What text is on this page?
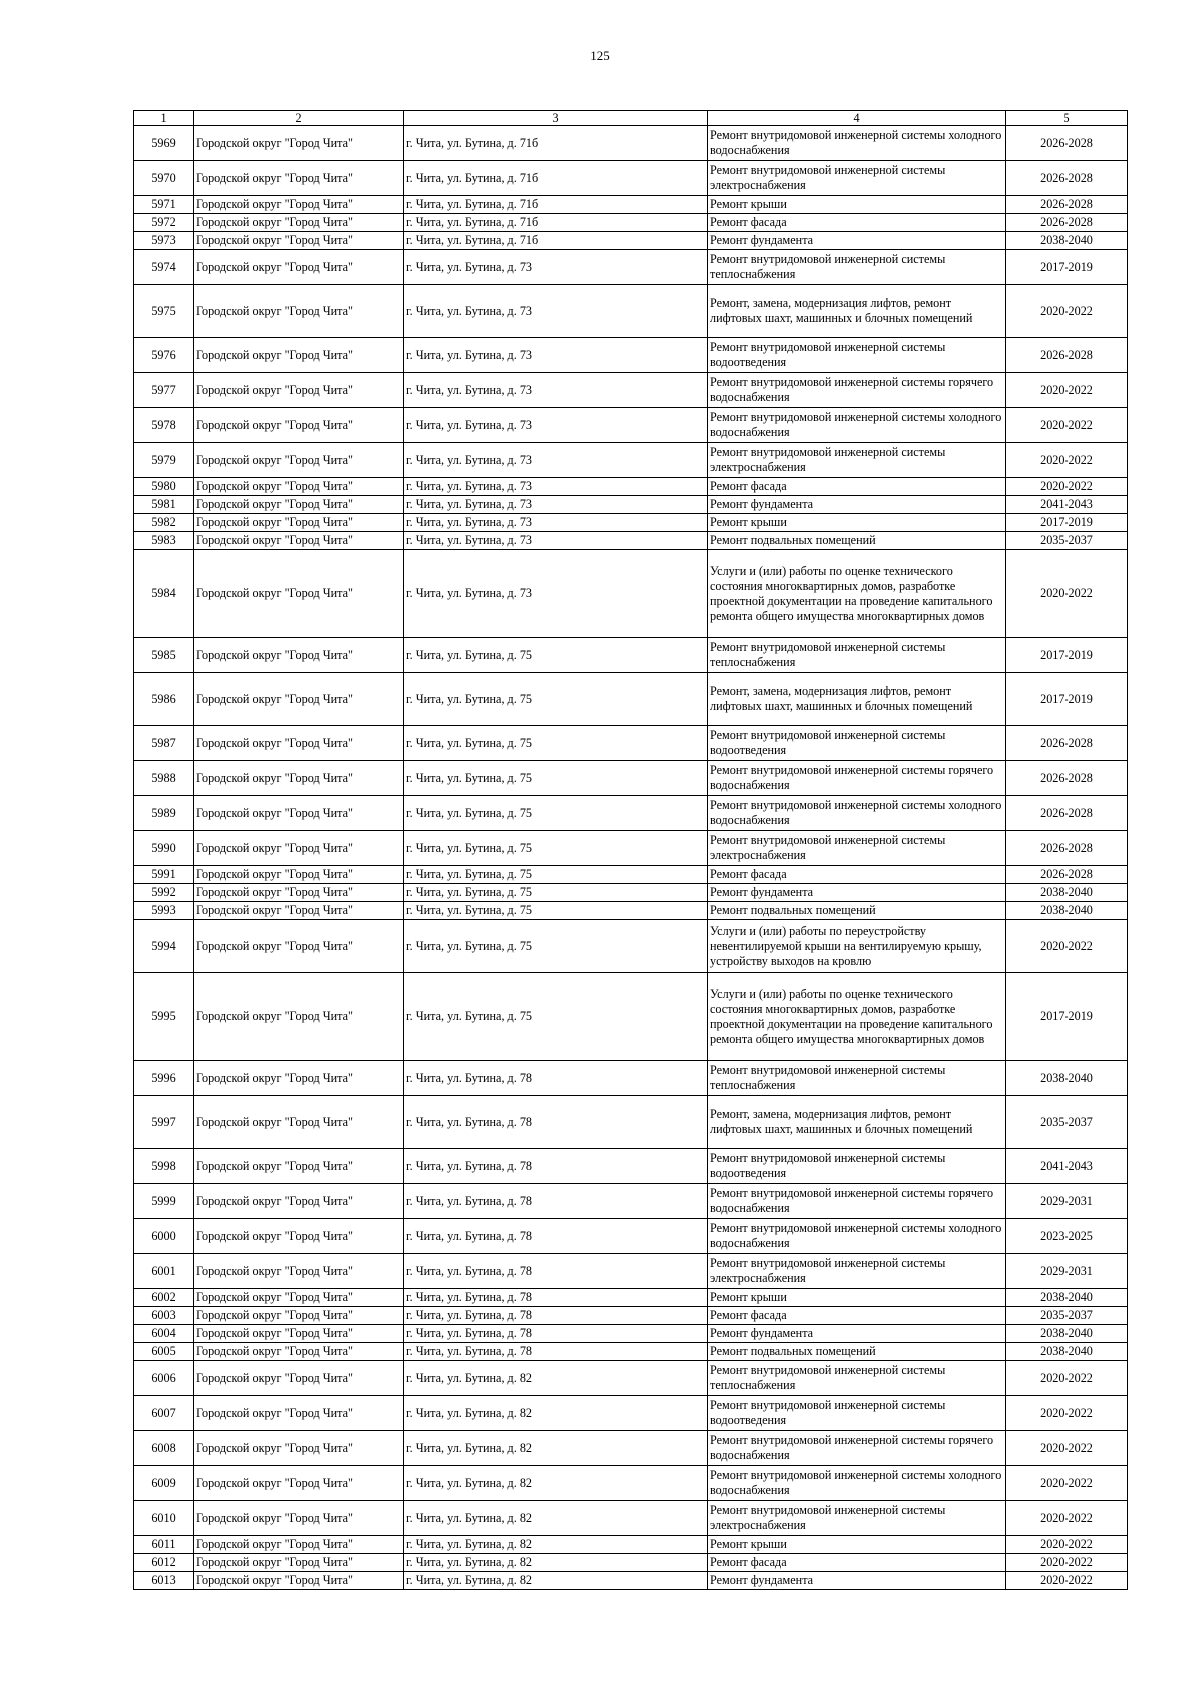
125
1	2	3	4	5
5969	Городской округ "Город Чита"	г. Чита, ул. Бутина, д. 71б	Ремонт внутридомовой инженерной системы холодного водоснабжения	2026-2028
5970	Городской округ "Город Чита"	г. Чита, ул. Бутина, д. 71б	Ремонт внутридомовой инженерной системы электроснабжения	2026-2028
5971	Городской округ "Город Чита"	г. Чита, ул. Бутина, д. 71б	Ремонт крыши	2026-2028
5972	Городской округ "Город Чита"	г. Чита, ул. Бутина, д. 71б	Ремонт фасада	2026-2028
5973	Городской округ "Город Чита"	г. Чита, ул. Бутина, д. 71б	Ремонт фундамента	2038-2040
5974	Городской округ "Город Чита"	г. Чита, ул. Бутина, д. 73	Ремонт внутридомовой инженерной системы теплоснабжения	2017-2019
5975	Городской округ "Город Чита"	г. Чита, ул. Бутина, д. 73	Ремонт, замена, модернизация лифтов, ремонт лифтовых шахт, машинных и блочных помещений	2020-2022
5976	Городской округ "Город Чита"	г. Чита, ул. Бутина, д. 73	Ремонт внутридомовой инженерной системы водоотведения	2026-2028
5977	Городской округ "Город Чита"	г. Чита, ул. Бутина, д. 73	Ремонт внутридомовой инженерной системы горячего водоснабжения	2020-2022
5978	Городской округ "Город Чита"	г. Чита, ул. Бутина, д. 73	Ремонт внутридомовой инженерной системы холодного водоснабжения	2020-2022
5979	Городской округ "Город Чита"	г. Чита, ул. Бутина, д. 73	Ремонт внутридомовой инженерной системы электроснабжения	2020-2022
5980	Городской округ "Город Чита"	г. Чита, ул. Бутина, д. 73	Ремонт фасада	2020-2022
5981	Городской округ "Город Чита"	г. Чита, ул. Бутина, д. 73	Ремонт фундамента	2041-2043
5982	Городской округ "Город Чита"	г. Чита, ул. Бутина, д. 73	Ремонт крыши	2017-2019
5983	Городской округ "Город Чита"	г. Чита, ул. Бутина, д. 73	Ремонт подвальных помещений	2035-2037
5984	Городской округ "Город Чита"	г. Чита, ул. Бутина, д. 73	Услуги и (или) работы по оценке технического состояния многоквартирных домов, разработке проектной документации на проведение капитального ремонта общего имущества многоквартирных домов	2020-2022
5985	Городской округ "Город Чита"	г. Чита, ул. Бутина, д. 75	Ремонт внутридомовой инженерной системы теплоснабжения	2017-2019
5986	Городской округ "Город Чита"	г. Чита, ул. Бутина, д. 75	Ремонт, замена, модернизация лифтов, ремонт лифтовых шахт, машинных и блочных помещений	2017-2019
5987	Городской округ "Город Чита"	г. Чита, ул. Бутина, д. 75	Ремонт внутридомовой инженерной системы водоотведения	2026-2028
5988	Городской округ "Город Чита"	г. Чита, ул. Бутина, д. 75	Ремонт внутридомовой инженерной системы горячего водоснабжения	2026-2028
5989	Городской округ "Город Чита"	г. Чита, ул. Бутина, д. 75	Ремонт внутридомовой инженерной системы холодного водоснабжения	2026-2028
5990	Городской округ "Город Чита"	г. Чита, ул. Бутина, д. 75	Ремонт внутридомовой инженерной системы электроснабжения	2026-2028
5991	Городской округ "Город Чита"	г. Чита, ул. Бутина, д. 75	Ремонт фасада	2026-2028
5992	Городской округ "Город Чита"	г. Чита, ул. Бутина, д. 75	Ремонт фундамента	2038-2040
5993	Городской округ "Город Чита"	г. Чита, ул. Бутина, д. 75	Ремонт подвальных помещений	2038-2040
5994	Городской округ "Город Чита"	г. Чита, ул. Бутина, д. 75	Услуги и (или) работы по переустройству невентилируемой крыши на вентилируемую крышу, устройству выходов на кровлю	2020-2022
5995	Городской округ "Город Чита"	г. Чита, ул. Бутина, д. 75	Услуги и (или) работы по оценке технического состояния многоквартирных домов, разработке проектной документации на проведение капитального ремонта общего имущества многоквартирных домов	2017-2019
5996	Городской округ "Город Чита"	г. Чита, ул. Бутина, д. 78	Ремонт внутридомовой инженерной системы теплоснабжения	2038-2040
5997	Городской округ "Город Чита"	г. Чита, ул. Бутина, д. 78	Ремонт, замена, модернизация лифтов, ремонт лифтовых шахт, машинных и блочных помещений	2035-2037
5998	Городской округ "Город Чита"	г. Чита, ул. Бутина, д. 78	Ремонт внутридомовой инженерной системы водоотведения	2041-2043
5999	Городской округ "Город Чита"	г. Чита, ул. Бутина, д. 78	Ремонт внутридомовой инженерной системы горячего водоснабжения	2029-2031
6000	Городской округ "Город Чита"	г. Чита, ул. Бутина, д. 78	Ремонт внутридомовой инженерной системы холодного водоснабжения	2023-2025
6001	Городской округ "Город Чита"	г. Чита, ул. Бутина, д. 78	Ремонт внутридомовой инженерной системы электроснабжения	2029-2031
6002	Городской округ "Город Чита"	г. Чита, ул. Бутина, д. 78	Ремонт крыши	2038-2040
6003	Городской округ "Город Чита"	г. Чита, ул. Бутина, д. 78	Ремонт фасада	2035-2037
6004	Городской округ "Город Чита"	г. Чита, ул. Бутина, д. 78	Ремонт фундамента	2038-2040
6005	Городской округ "Город Чита"	г. Чита, ул. Бутина, д. 78	Ремонт подвальных помещений	2038-2040
6006	Городской округ "Город Чита"	г. Чита, ул. Бутина, д. 82	Ремонт внутридомовой инженерной системы теплоснабжения	2020-2022
6007	Городской округ "Город Чита"	г. Чита, ул. Бутина, д. 82	Ремонт внутридомовой инженерной системы водоотведения	2020-2022
6008	Городской округ "Город Чита"	г. Чита, ул. Бутина, д. 82	Ремонт внутридомовой инженерной системы горячего водоснабжения	2020-2022
6009	Городской округ "Город Чита"	г. Чита, ул. Бутина, д. 82	Ремонт внутридомовой инженерной системы холодного водоснабжения	2020-2022
6010	Городской округ "Город Чита"	г. Чита, ул. Бутина, д. 82	Ремонт внутридомовой инженерной системы электроснабжения	2020-2022
6011	Городской округ "Город Чита"	г. Чита, ул. Бутина, д. 82	Ремонт крыши	2020-2022
6012	Городской округ "Город Чита"	г. Чита, ул. Бутина, д. 82	Ремонт фасада	2020-2022
6013	Городской округ "Город Чита"	г. Чита, ул. Бутина, д. 82	Ремонт фундамента	2020-2022
